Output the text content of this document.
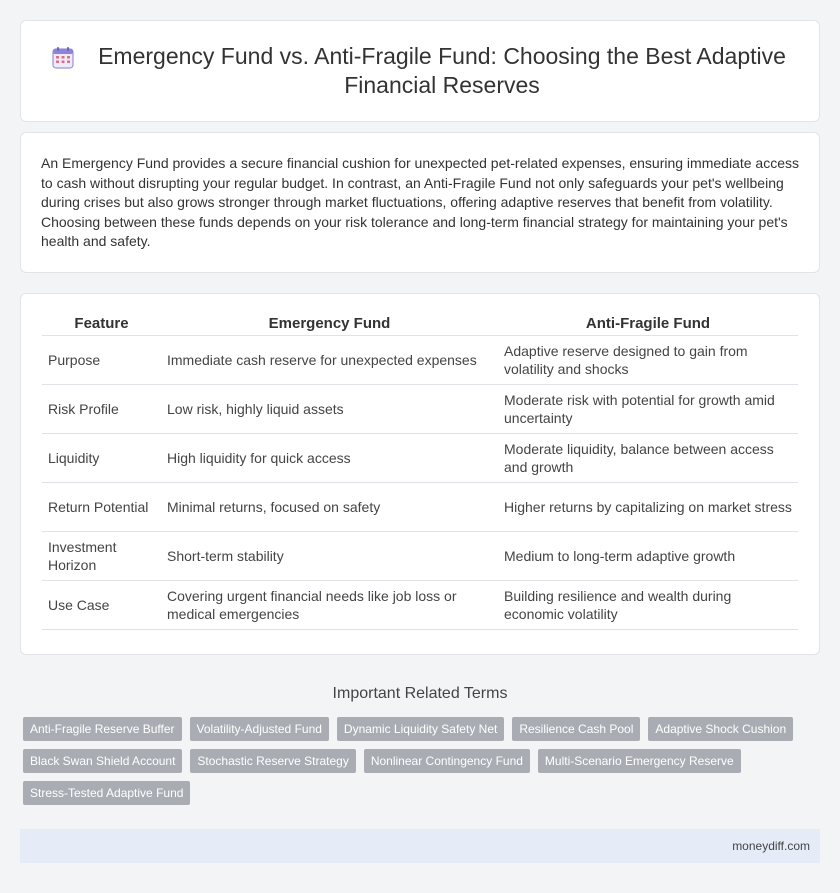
Emergency Fund vs. Anti-Fragile Fund: Choosing the Best Adaptive Financial Reserves
An Emergency Fund provides a secure financial cushion for unexpected pet-related expenses, ensuring immediate access to cash without disrupting your regular budget. In contrast, an Anti-Fragile Fund not only safeguards your pet's wellbeing during crises but also grows stronger through market fluctuations, offering adaptive reserves that benefit from volatility. Choosing between these funds depends on your risk tolerance and long-term financial strategy for maintaining your pet's health and safety.
Feature	Emergency Fund	Anti-Fragile Fund
Purpose	Immediate cash reserve for unexpected expenses	Adaptive reserve designed to gain from volatility and shocks
Risk Profile	Low risk, highly liquid assets	Moderate risk with potential for growth amid uncertainty
Liquidity	High liquidity for quick access	Moderate liquidity, balance between access and growth
Return Potential	Minimal returns, focused on safety	Higher returns by capitalizing on market stress
Investment Horizon	Short-term stability	Medium to long-term adaptive growth
Use Case	Covering urgent financial needs like job loss or medical emergencies	Building resilience and wealth during economic volatility
Important Related Terms
Anti-Fragile Reserve Buffer	Volatility-Adjusted Fund	Dynamic Liquidity Safety Net	Resilience Cash Pool	Adaptive Shock Cushion
Black Swan Shield Account	Stochastic Reserve Strategy	Nonlinear Contingency Fund	Multi-Scenario Emergency Reserve
Stress-Tested Adaptive Fund
moneydiff.com
